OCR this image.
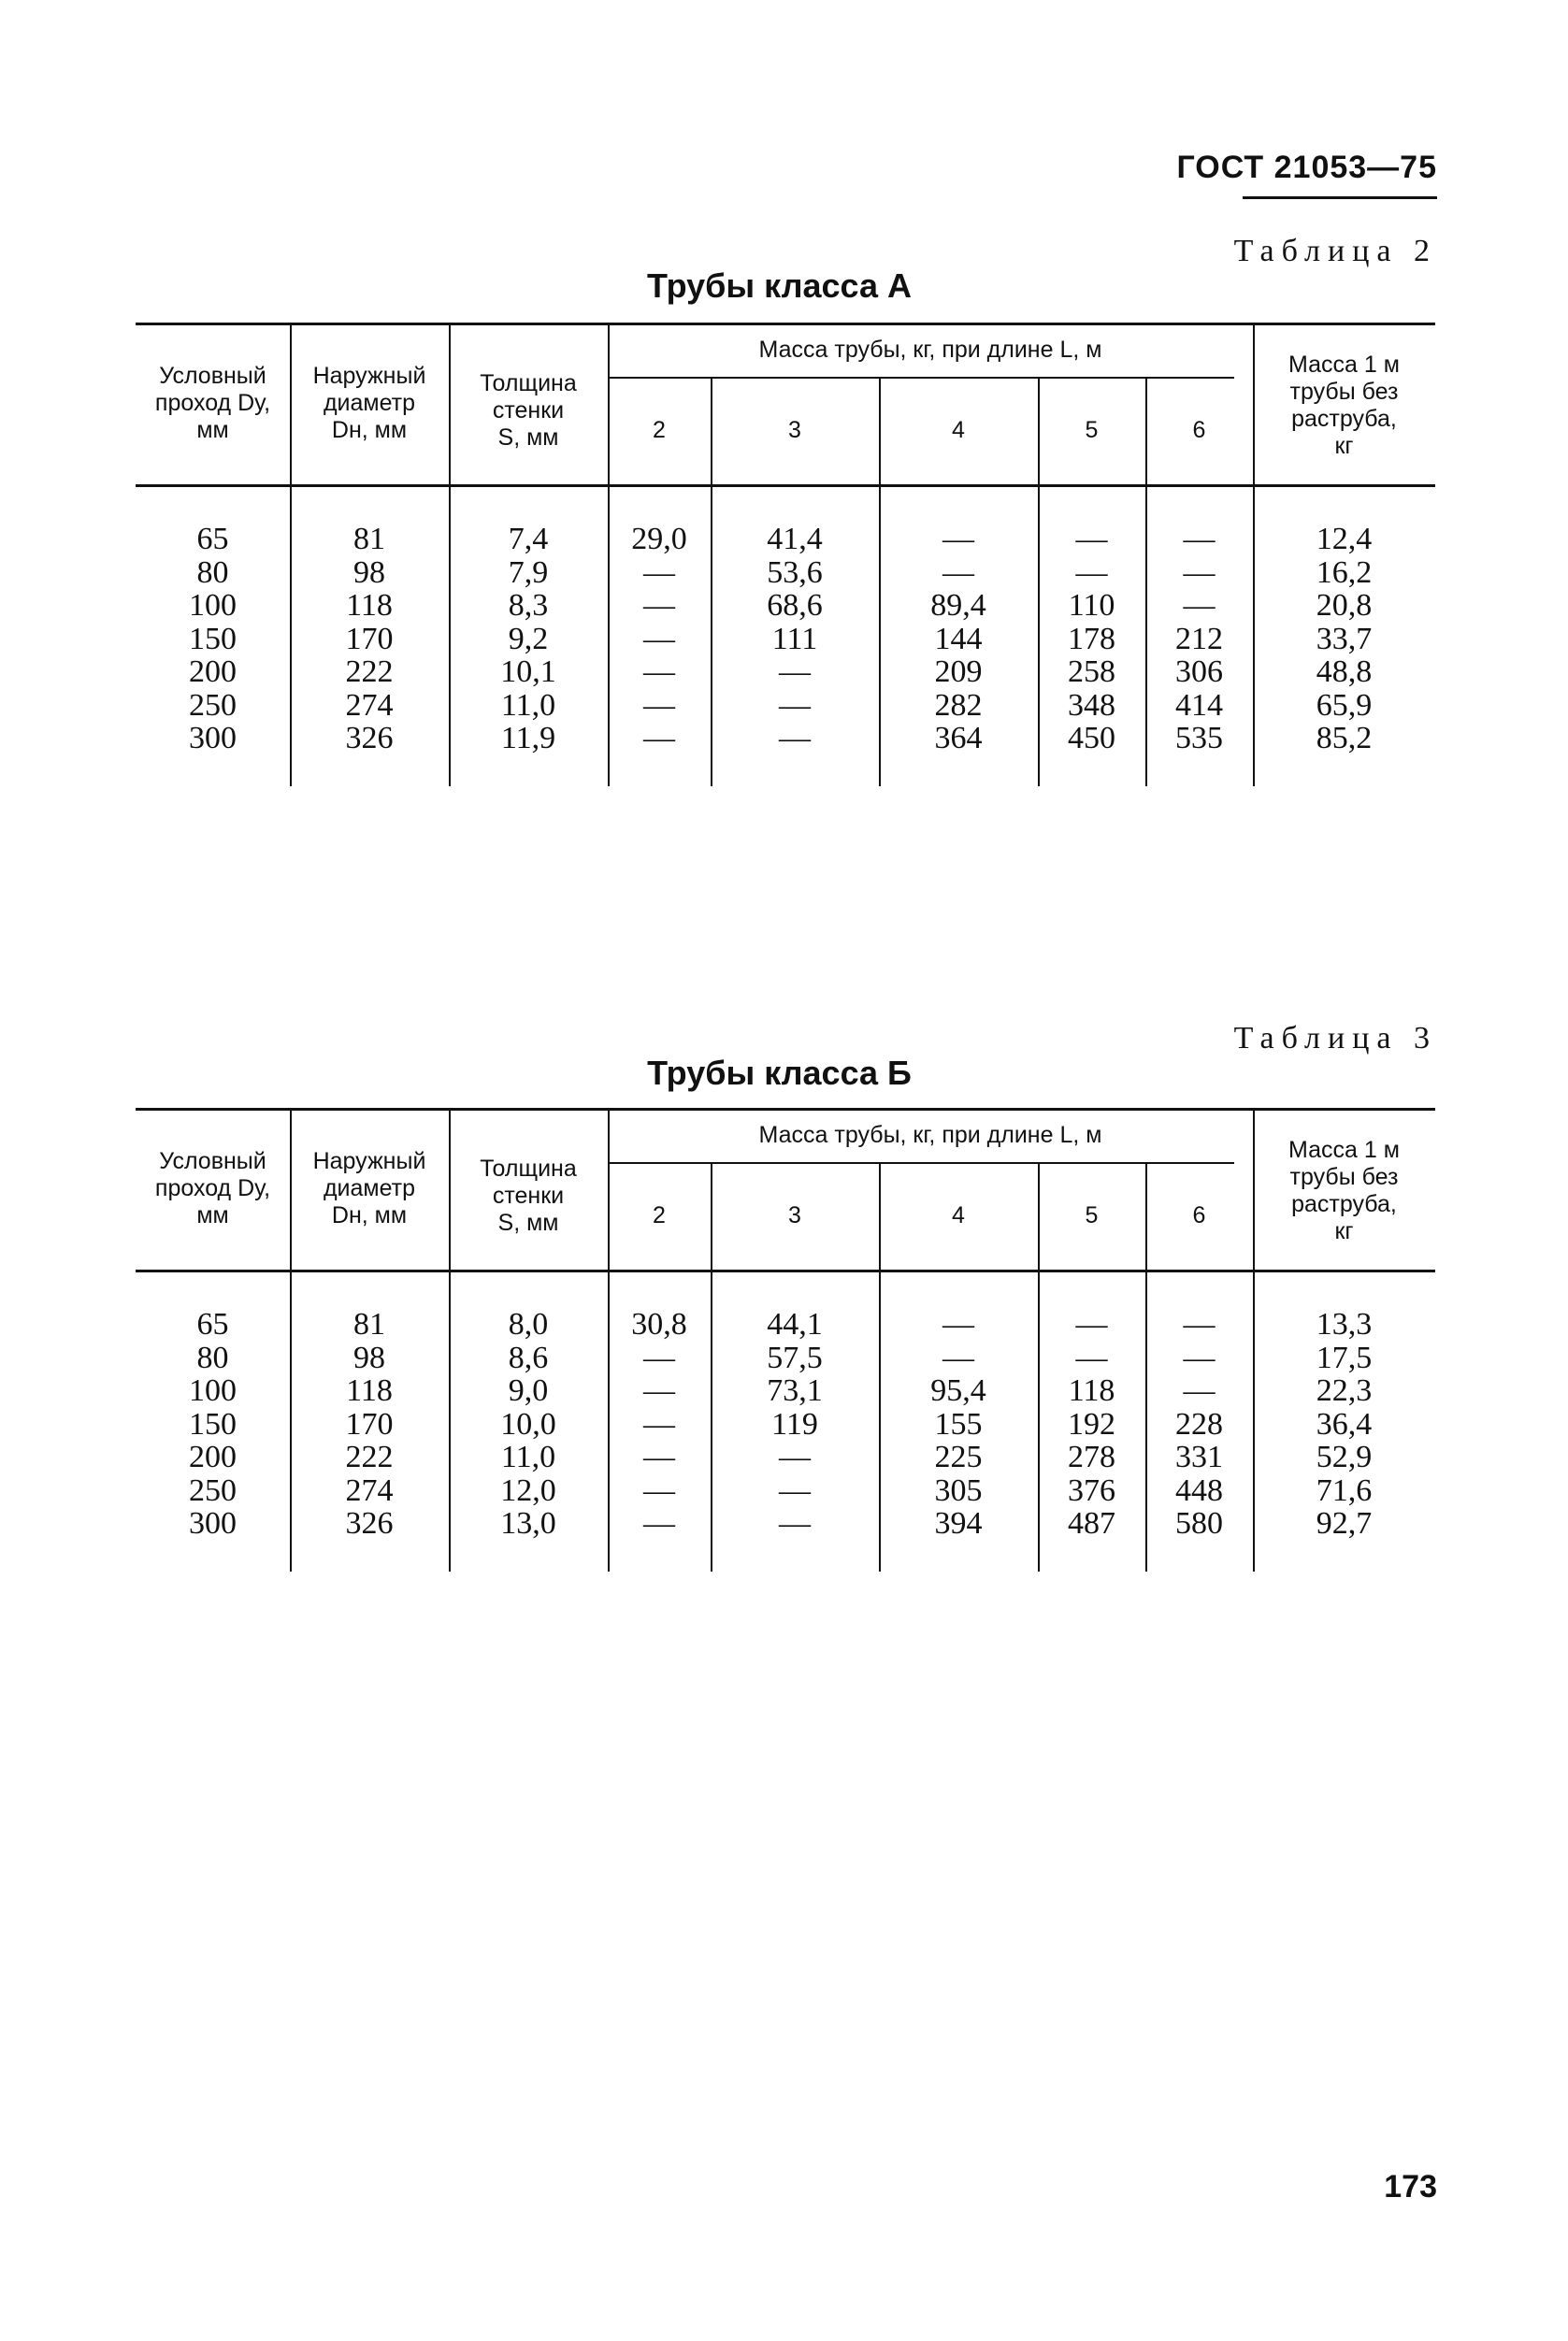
ГОСТ 21053—75
Таблица 2
Трубы класса А
Условный
проход Dу,
мм
Наружный
диаметр
Dн, мм
Толщина
стенки
S, мм
Масса 1 м
трубы без
раструба,
кг
Масса трубы, кг, при длине L, м
2	3	4	5	6
65	81	7,4	29,0	41,4	—	—	—	12,4
80	98	7,9	—	53,6	—	—	—	16,2
100	118	8,3	—	68,6	89,4	110	—	20,8
150	170	9,2	—	111	144	178	212	33,7
200	222	10,1	—	—	209	258	306	48,8
250	274	11,0	—	—	282	348	414	65,9
300	326	11,9	—	—	364	450	535	85,2
Таблица 3
Трубы класса Б
Условный
проход Dу,
мм
Наружный
диаметр
Dн, мм
Толщина
стенки
S, мм
Масса 1 м
трубы без
раструба,
кг
Масса трубы, кг, при длине L, м
2	3	4	5	6
65	81	8,0	30,8	44,1	—	—	—	13,3
80	98	8,6	—	57,5	—	—	—	17,5
100	118	9,0	—	73,1	95,4	118	—	22,3
150	170	10,0	—	119	155	192	228	36,4
200	222	11,0	—	—	225	278	331	52,9
250	274	12,0	—	—	305	376	448	71,6
300	326	13,0	—	—	394	487	580	92,7
173
